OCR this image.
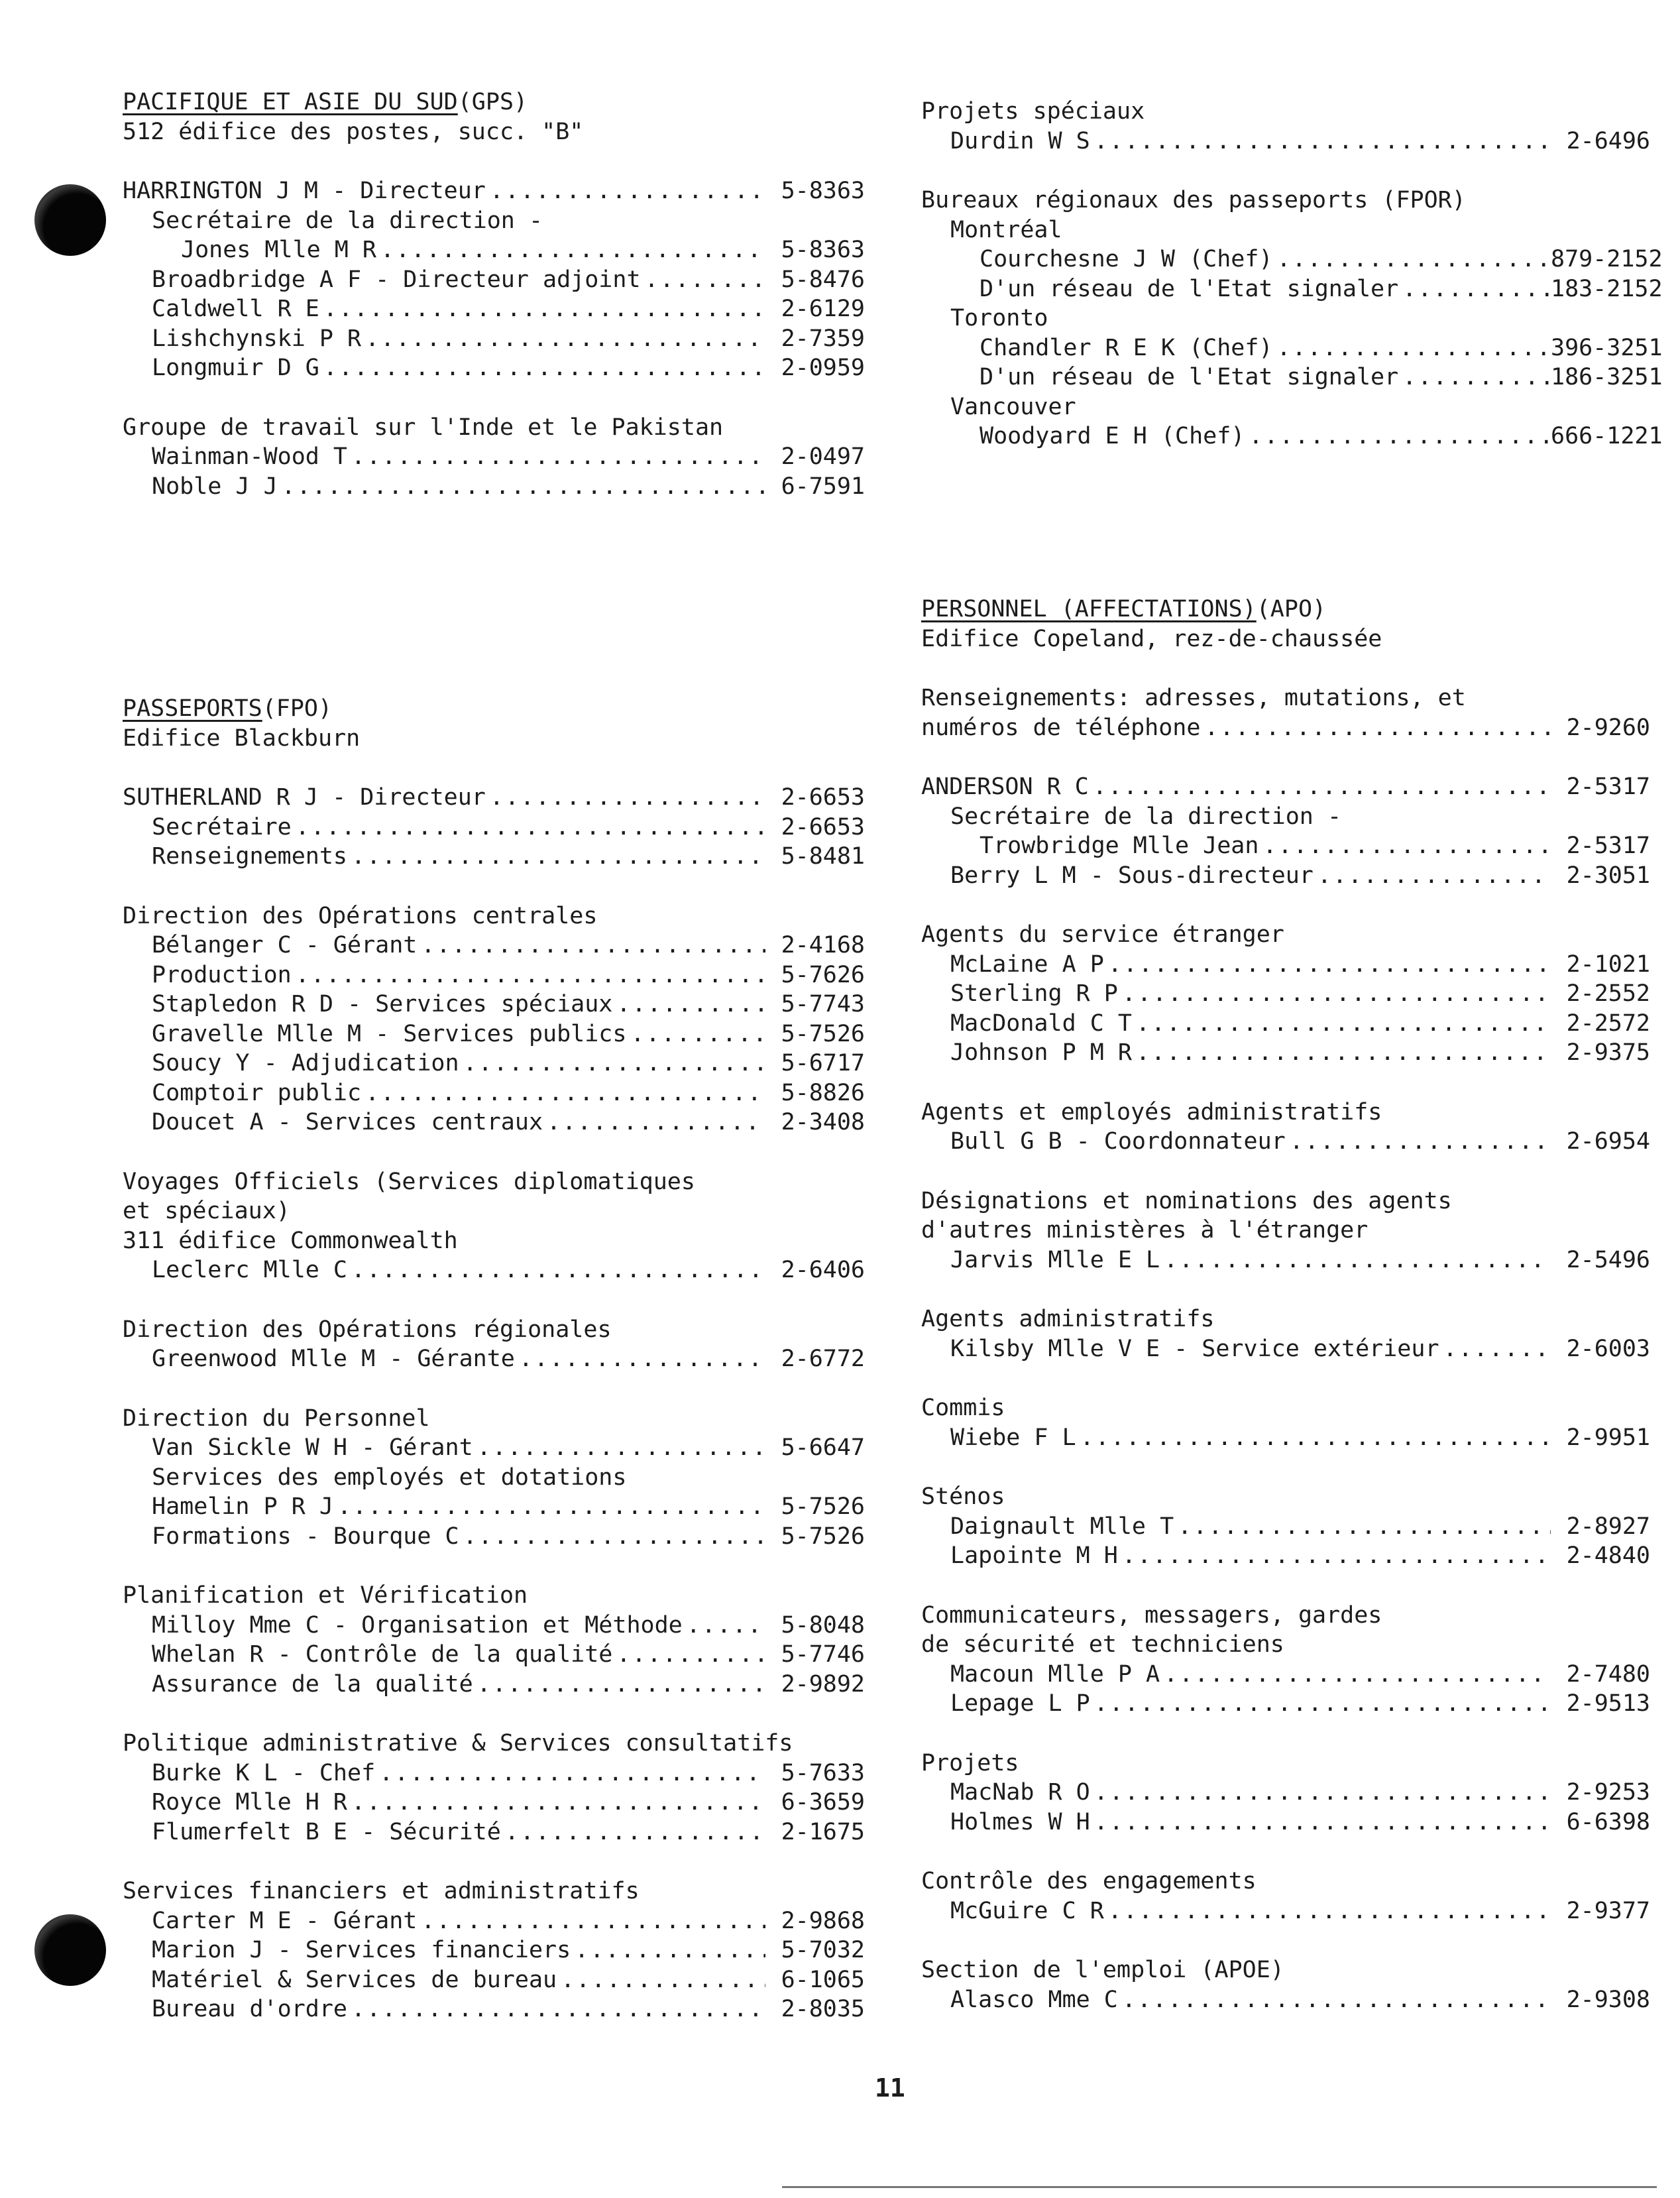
PACIFIQUE ET ASIE DU SUD (GPS)
512 édifice des postes, succ. "B"
HARRINGTON J M - Directeur .....	5-8363
Secrétaire de la direction -
Jones Mlle M R .....	5-8363
Broadbridge A F - Directeur adjoint .....	5-8476
Caldwell R E .....	2-6129
Lishchynski P R .....	2-7359
Longmuir D G .....	2-0959
Groupe de travail sur l'Inde et le Pakistan
Wainman-Wood T .....	2-0497
Noble J J .....	6-7591
PASSEPORTS (FPO)
Edifice Blackburn
SUTHERLAND R J - Directeur .....	2-6653
Secrétaire .....	2-6653
Renseignements .....	5-8481
Direction des Opérations centrales
Bélanger C - Gérant .....	2-4168
Production .....	5-7626
Stapledon R D - Services spéciaux .....	5-7743
Gravelle Mlle M - Services publics .....	5-7526
Soucy Y - Adjudication .....	5-6717
Comptoir public .....	5-8826
Doucet A - Services centraux .....	2-3408
Voyages Officiels (Services diplomatiques
et spéciaux)
311 édifice Commonwealth
Leclerc Mlle C .....	2-6406
Direction des Opérations régionales
Greenwood Mlle M - Gérante .....	2-6772
Direction du Personnel
Van Sickle W H - Gérant .....	5-6647
Services des employés et dotations
Hamelin P R J .....	5-7526
Formations - Bourque C .....	5-7526
Planification et Vérification
Milloy Mme C - Organisation et Méthode .....	5-8048
Whelan R - Contrôle de la qualité .....	5-7746
Assurance de la qualité .....	2-9892
Politique administrative & Services consultatifs
Burke K L - Chef .....	5-7633
Royce Mlle H R .....	6-3659
Flumerfelt B E - Sécurité .....	2-1675
Services financiers et administratifs
Carter M E - Gérant .....	2-9868
Marion J - Services financiers .....	5-7032
Matériel & Services de bureau .....	6-1065
Bureau d'ordre .....	2-8035
Projets spéciaux
Durdin W S .....	2-6496
Bureaux régionaux des passeports (FPOR)
Montréal
Courchesne J W (Chef) .....	879-2152
D'un réseau de l'Etat signaler .....	183-2152
Toronto
Chandler R E K (Chef) .....	396-3251
D'un réseau de l'Etat signaler .....	186-3251
Vancouver
Woodyard E H (Chef) .....	666-1221
PERSONNEL (AFFECTATIONS) (APO)
Edifice Copeland, rez-de-chaussée
Renseignements: adresses, mutations, et
numéros de téléphone .....	2-9260
ANDERSON R C .....	2-5317
Secrétaire de la direction -
Trowbridge Mlle Jean .....	2-5317
Berry L M - Sous-directeur .....	2-3051
Agents du service étranger
McLaine A P .....	2-1021
Sterling R P .....	2-2552
MacDonald C T .....	2-2572
Johnson P M R .....	2-9375
Agents et employés administratifs
Bull G B - Coordonnateur .....	2-6954
Désignations et nominations des agents
d'autres ministères à l'étranger
Jarvis Mlle E L .....	2-5496
Agents administratifs
Kilsby Mlle V E - Service extérieur .....	2-6003
Commis
Wiebe F L .....	2-9951
Sténos
Daignault Mlle T .....	2-8927
Lapointe M H .....	2-4840
Communicateurs, messagers, gardes
de sécurité et techniciens
Macoun Mlle P A .....	2-7480
Lepage L P .....	2-9513
Projets
MacNab R O .....	2-9253
Holmes W H .....	6-6398
Contrôle des engagements
McGuire C R .....	2-9377
Section de l'emploi (APOE)
Alasco Mme C .....	2-9308
11
